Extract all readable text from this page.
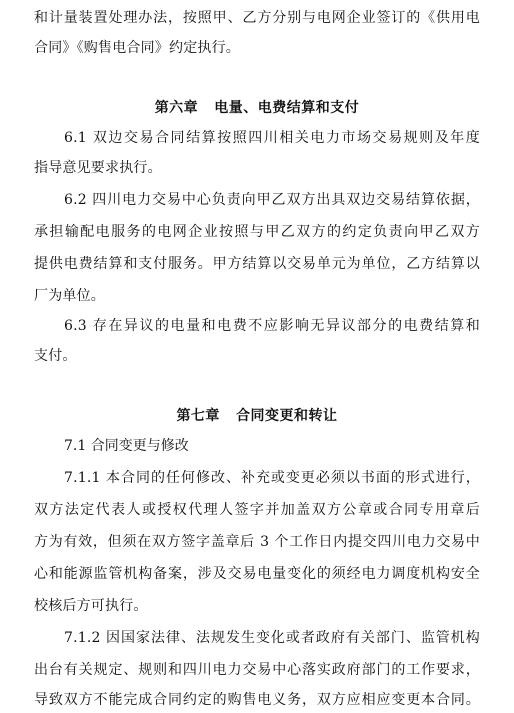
和计量装置处理办法，按照甲、乙方分别与电网企业签订的《供用电
合同》《购售电合同》约定执行。
第六章   电量、电费结算和支付
6.1 双边交易合同结算按照四川相关电力市场交易规则及年度
指导意见要求执行。
6.2 四川电力交易中心负责向甲乙双方出具双边交易结算依据，
承担输配电服务的电网企业按照与甲乙双方的约定负责向甲乙双方
提供电费结算和支付服务。甲方结算以交易单元为单位，乙方结算以
厂为单位。
6.3 存在异议的电量和电费不应影响无异议部分的电费结算和
支付。
第七章   合同变更和转让
7.1 合同变更与修改
7.1.1 本合同的任何修改、补充或变更必须以书面的形式进行，
双方法定代表人或授权代理人签字并加盖双方公章或合同专用章后
方为有效，但须在双方签字盖章后 3 个工作日内提交四川电力交易中
心和能源监管机构备案，涉及交易电量变化的须经电力调度机构安全
校核后方可执行。
7.1.2 因国家法律、法规发生变化或者政府有关部门、监管机构
出台有关规定、规则和四川电力交易中心落实政府部门的工作要求，
导致双方不能完成合同约定的购售电义务，双方应相应变更本合同。
